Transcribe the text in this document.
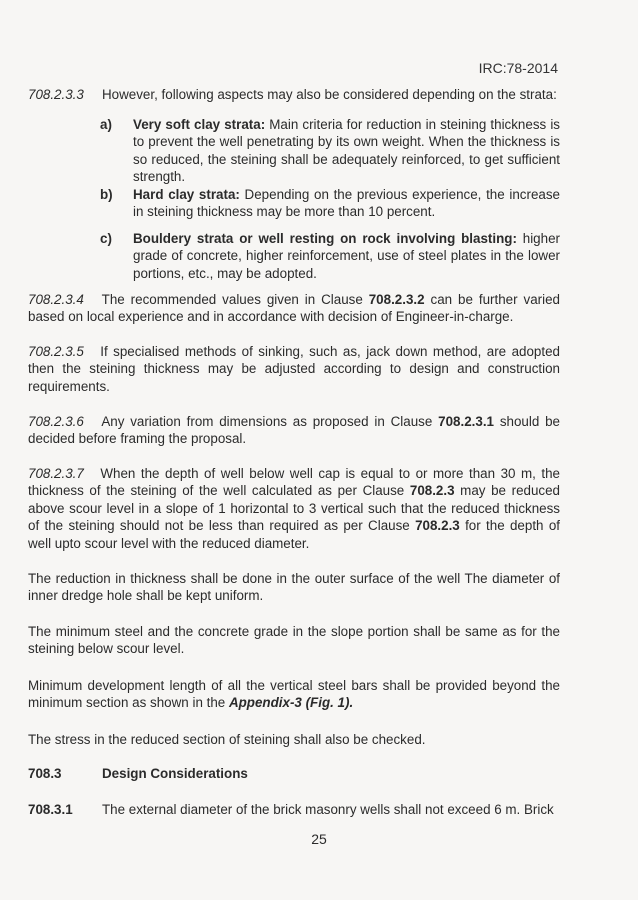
IRC:78-2014
708.2.3.3 However, following aspects may also be considered depending on the strata:
a) Very soft clay strata: Main criteria for reduction in steining thickness is to prevent the well penetrating by its own weight. When the thickness is so reduced, the steining shall be adequately reinforced, to get sufficient strength.
b) Hard clay strata: Depending on the previous experience, the increase in steining thickness may be more than 10 percent.
c) Bouldery strata or well resting on rock involving blasting: higher grade of concrete, higher reinforcement, use of steel plates in the lower portions, etc., may be adopted.
708.2.3.4 The recommended values given in Clause 708.2.3.2 can be further varied based on local experience and in accordance with decision of Engineer-in-charge.
708.2.3.5 If specialised methods of sinking, such as, jack down method, are adopted then the steining thickness may be adjusted according to design and construction requirements.
708.2.3.6 Any variation from dimensions as proposed in Clause 708.2.3.1 should be decided before framing the proposal.
708.2.3.7 When the depth of well below well cap is equal to or more than 30 m, the thickness of the steining of the well calculated as per Clause 708.2.3 may be reduced above scour level in a slope of 1 horizontal to 3 vertical such that the reduced thickness of the steining should not be less than required as per Clause 708.2.3 for the depth of well upto scour level with the reduced diameter.
The reduction in thickness shall be done in the outer surface of the well The diameter of inner dredge hole shall be kept uniform.
The minimum steel and the concrete grade in the slope portion shall be same as for the steining below scour level.
Minimum development length of all the vertical steel bars shall be provided beyond the minimum section as shown in the Appendix-3 (Fig. 1).
The stress in the reduced section of steining shall also be checked.
708.3	Design Considerations
708.3.1 The external diameter of the brick masonry wells shall not exceed 6 m. Brick
25
